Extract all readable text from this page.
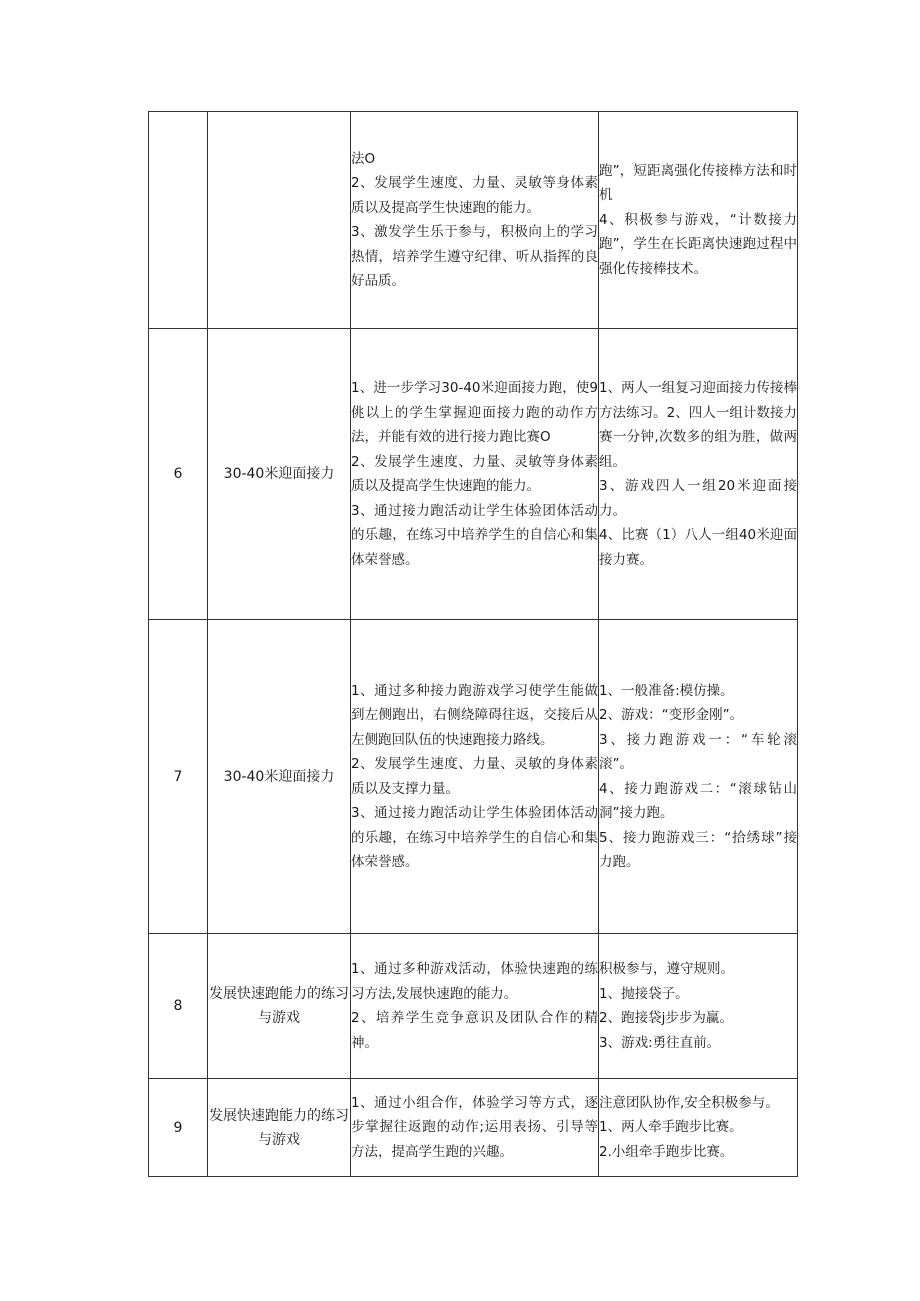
		法O
2、发展学生速度、力量、灵敏等身体素质以及提高学生快速跑的能力。
3、激发学生乐于参与，积极向上的学习热情，培养学生遵守纪律、听从指挥的良好品质。	跑”，短距离强化传接棒方法和时机
4、积极参与游戏，“计数接力跑”，学生在长距离快速跑过程中强化传接棒技术。

6	30-40米迎面接力	1、进一步学习30-40米迎面接力跑，使9佻以上的学生掌握迎面接力跑的动作方法，并能有效的进行接力跑比赛O
2、发展学生速度、力量、灵敏等身体素质以及提高学生快速跑的能力。
3、通过接力跑活动让学生体验团体活动的乐趣，在练习中培养学生的自信心和集体荣誉感。	1、两人一组复习迎面接力传接棒方法练习。2、四人一组计数接力赛一分钟,次数多的组为胜，做两组。
3、游戏四人一组20米迎面接力。
4、比赛（1）八人一组40米迎面接力赛。

7	30-40米迎面接力	1、通过多种接力跑游戏学习使学生能做到左侧跑出，右侧绕障碍往返，交接后从左侧跑回队伍的快速跑接力路线。
2、发展学生速度、力量、灵敏的身体素质以及支撑力量。
3、通过接力跑活动让学生体验团体活动的乐趣，在练习中培养学生的自信心和集体荣誉感。	1、一般准备:模仿操。
2、游戏：“变形金刚”。
3、接力跑游戏一：“车轮滚滚”。
4、接力跑游戏二：“滚球钻山洞”接力跑。
5、接力跑游戏三：“拾绣球”接力跑。

8	发展快速跑能力的练习与游戏	1、通过多种游戏活动，体验快速跑的练习方法,发展快速跑的能力。
2、培养学生竞争意识及团队合作的精神。	积极参与，遵守规则。
1、抛接袋子。
2、跑接袋j步步为赢。
3、游戏:勇往直前。

9	发展快速跑能力的练习与游戏	1、通过小组合作，体验学习等方式，逐步掌握往返跑的动作;运用表扬、引导等方法，提高学生跑的兴趣。	注意团队协作,安全积极参与。
1、两人牵手跑步比赛。
2.小组牵手跑步比赛。
